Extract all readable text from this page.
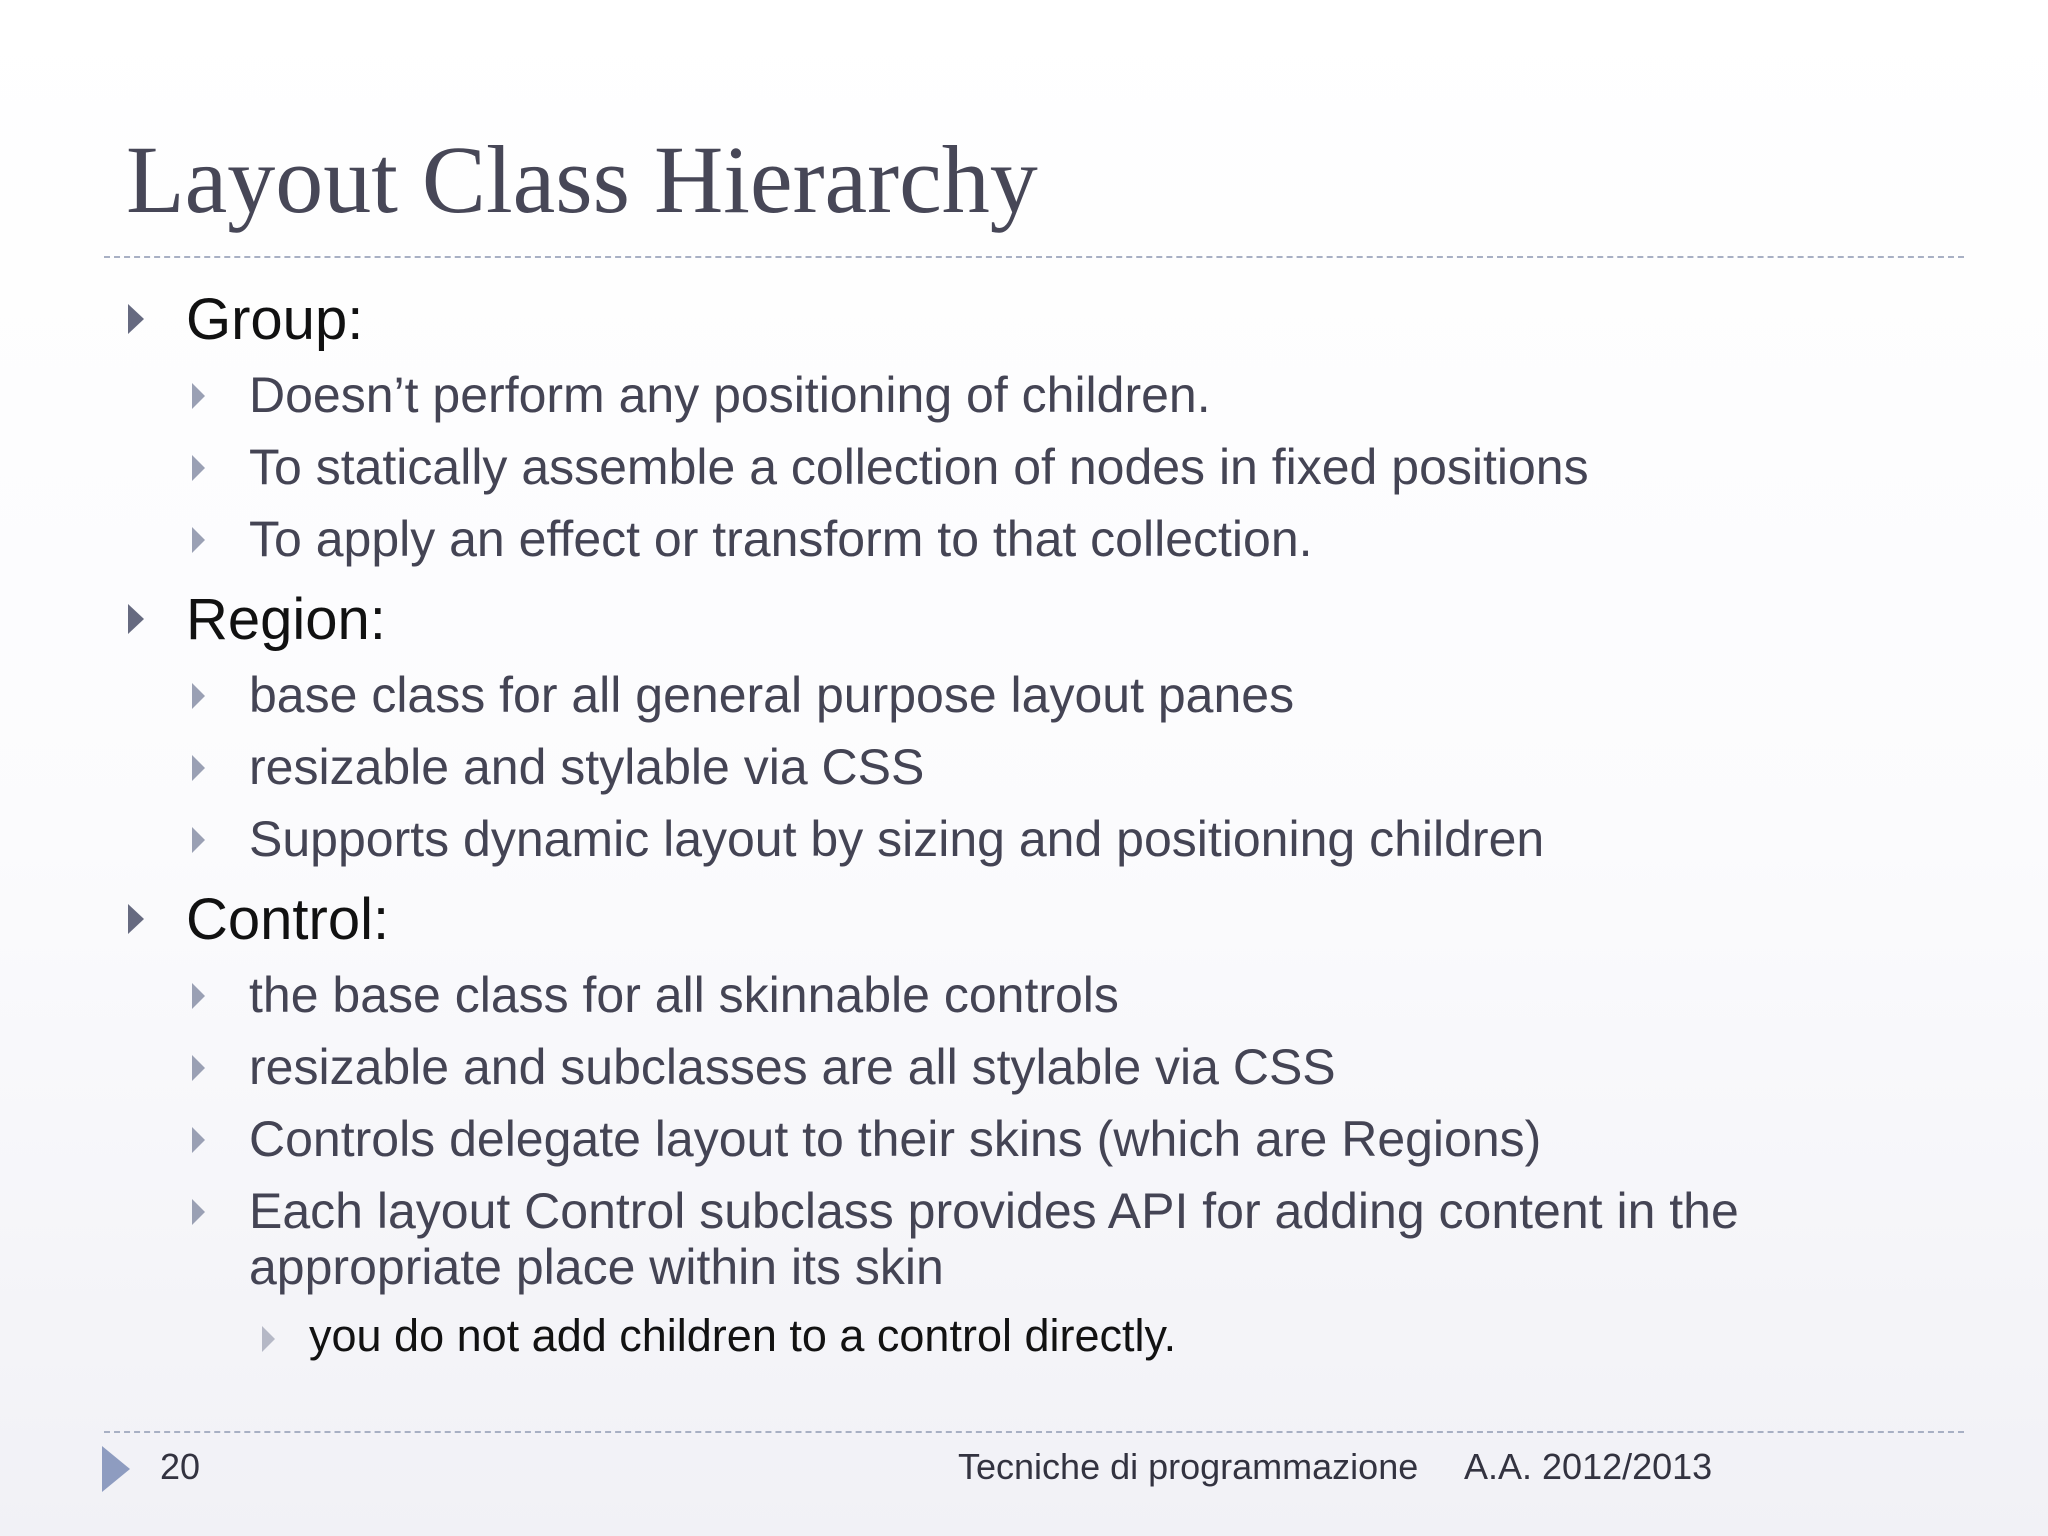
Layout Class Hierarchy
Group:
Doesn’t perform any positioning of children.
To statically assemble a collection of nodes in fixed positions
To apply an effect or transform to that collection.
Region:
base class for all general purpose layout panes
resizable and stylable via CSS
Supports dynamic layout by sizing and positioning children
Control:
the base class for all skinnable controls
resizable and subclasses are all stylable via CSS
Controls delegate layout to their skins (which are Regions)
Each layout Control subclass provides API for adding content in the
appropriate place within its skin
you do not add children to a control directly.
20	Tecniche di programmazione A.A. 2012/2013
